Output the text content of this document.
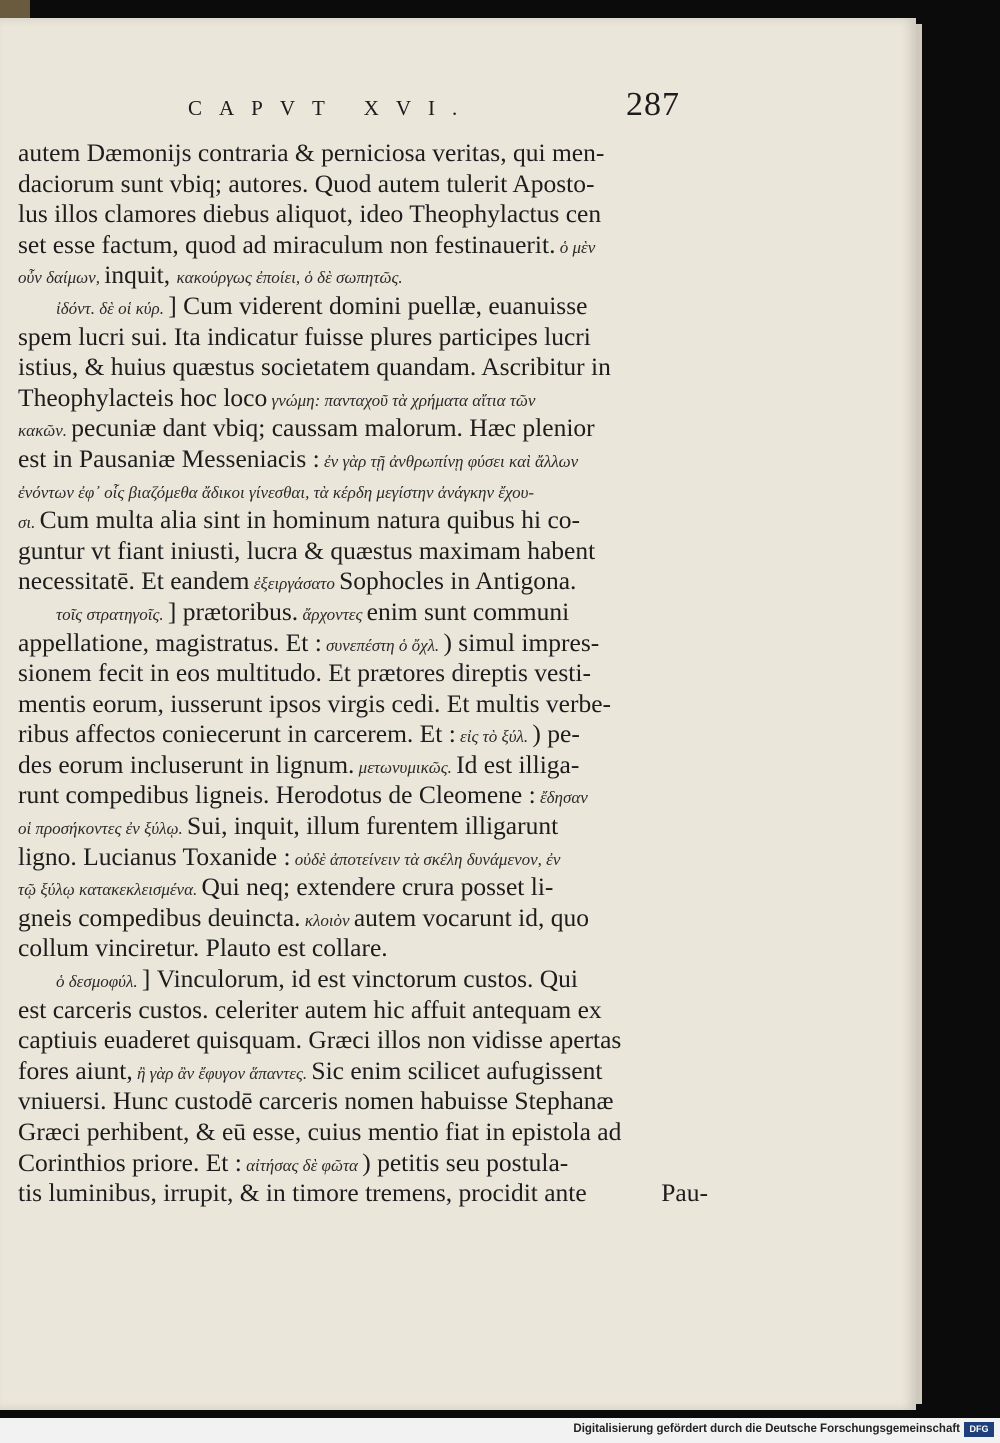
CAPVT XVI.	287
autem Dæmonijs contraria & perniciosa veritas, qui men-
daciorum sunt vbiq; autores. Quod autem tulerit Aposto-
lus illos clamores diebus aliquot, ideo Theophylactus cen
set esse factum, quod ad miraculum non festinauerit. ὁ μὲν
οὖν δαίμων, inquit, κακούργως ἐποίει, ὁ δὲ σωπητῶς.
ἰδόντ. δὲ οἱ κύρ. ] Cum viderent domini puellæ, euanuisse
spem lucri sui. Ita indicatur fuisse plures participes lucri
istius, & huius quæstus societatem quandam. Ascribitur in
Theophylacteis hoc loco γνώμη: πανταχοῦ τὰ χρήματα αἴτια τῶν
κακῶν. pecuniæ dant vbiq; caussam malorum. Hæc plenior
est in Pausaniæ Messeniacis : ἐν γὰρ τῇ ἀνθρωπίνῃ φύσει καὶ ἄλλων
ἐνόντων ἐφ᾽ οἷς βιαζόμεθα ἄδικοι γίνεσθαι, τὰ κέρδη μεγίστην ἀνάγκην ἔχου-
σι. Cum multa alia sint in hominum natura quibus hi co-
guntur vt fiant iniusti, lucra & quæstus maximam habent
necessitatē. Et eandem ἐξειργάσατο Sophocles in Antigona.
τοῖς στρατηγοῖς. ] prætoribus. ἄρχοντες enim sunt communi
appellatione, magistratus. Et : συνεπέστη ὁ ὄχλ. ) simul impres-
sionem fecit in eos multitudo. Et prætores direptis vesti-
mentis eorum, iusserunt ipsos virgis cedi. Et multis verbe-
ribus affectos coniecerunt in carcerem. Et : εἰς τὸ ξύλ. ) pe-
des eorum incluserunt in lignum. μετωνυμικῶς. Id est illiga-
runt compedibus ligneis. Herodotus de Cleomene : ἔδησαν
οἱ προσήκοντες ἐν ξύλῳ. Sui, inquit, illum furentem illigarunt
ligno. Lucianus Toxanide : οὐδὲ ἀποτείνειν τὰ σκέλη δυνάμενον, ἐν
τῷ ξύλῳ κατακεκλεισμένα. Qui neq; extendere crura posset li-
gneis compedibus deuincta. κλοιὸν autem vocarunt id, quo
collum vinciretur. Plauto est collare.
ὁ δεσμοφύλ. ] Vinculorum, id est vinctorum custos. Qui
est carceris custos. celeriter autem hic affuit antequam ex
captiuis euaderet quisquam. Græci illos non vidisse apertas
fores aiunt, ἢ γὰρ ἂν ἔφυγον ἅπαντες. Sic enim scilicet aufugissent
vniuersi. Hunc custodē carceris nomen habuisse Stephanæ
Græci perhibent, & eū esse, cuius mentio fiat in epistola ad
Corinthios priore. Et : αἰτήσας δὲ φῶτα ) petitis seu postula-
tis luminibus, irrupit, & in timore tremens, procidit ante	Pau-
Digitalisierung gefördert durch die Deutsche Forschungsgemeinschaft	DFG
